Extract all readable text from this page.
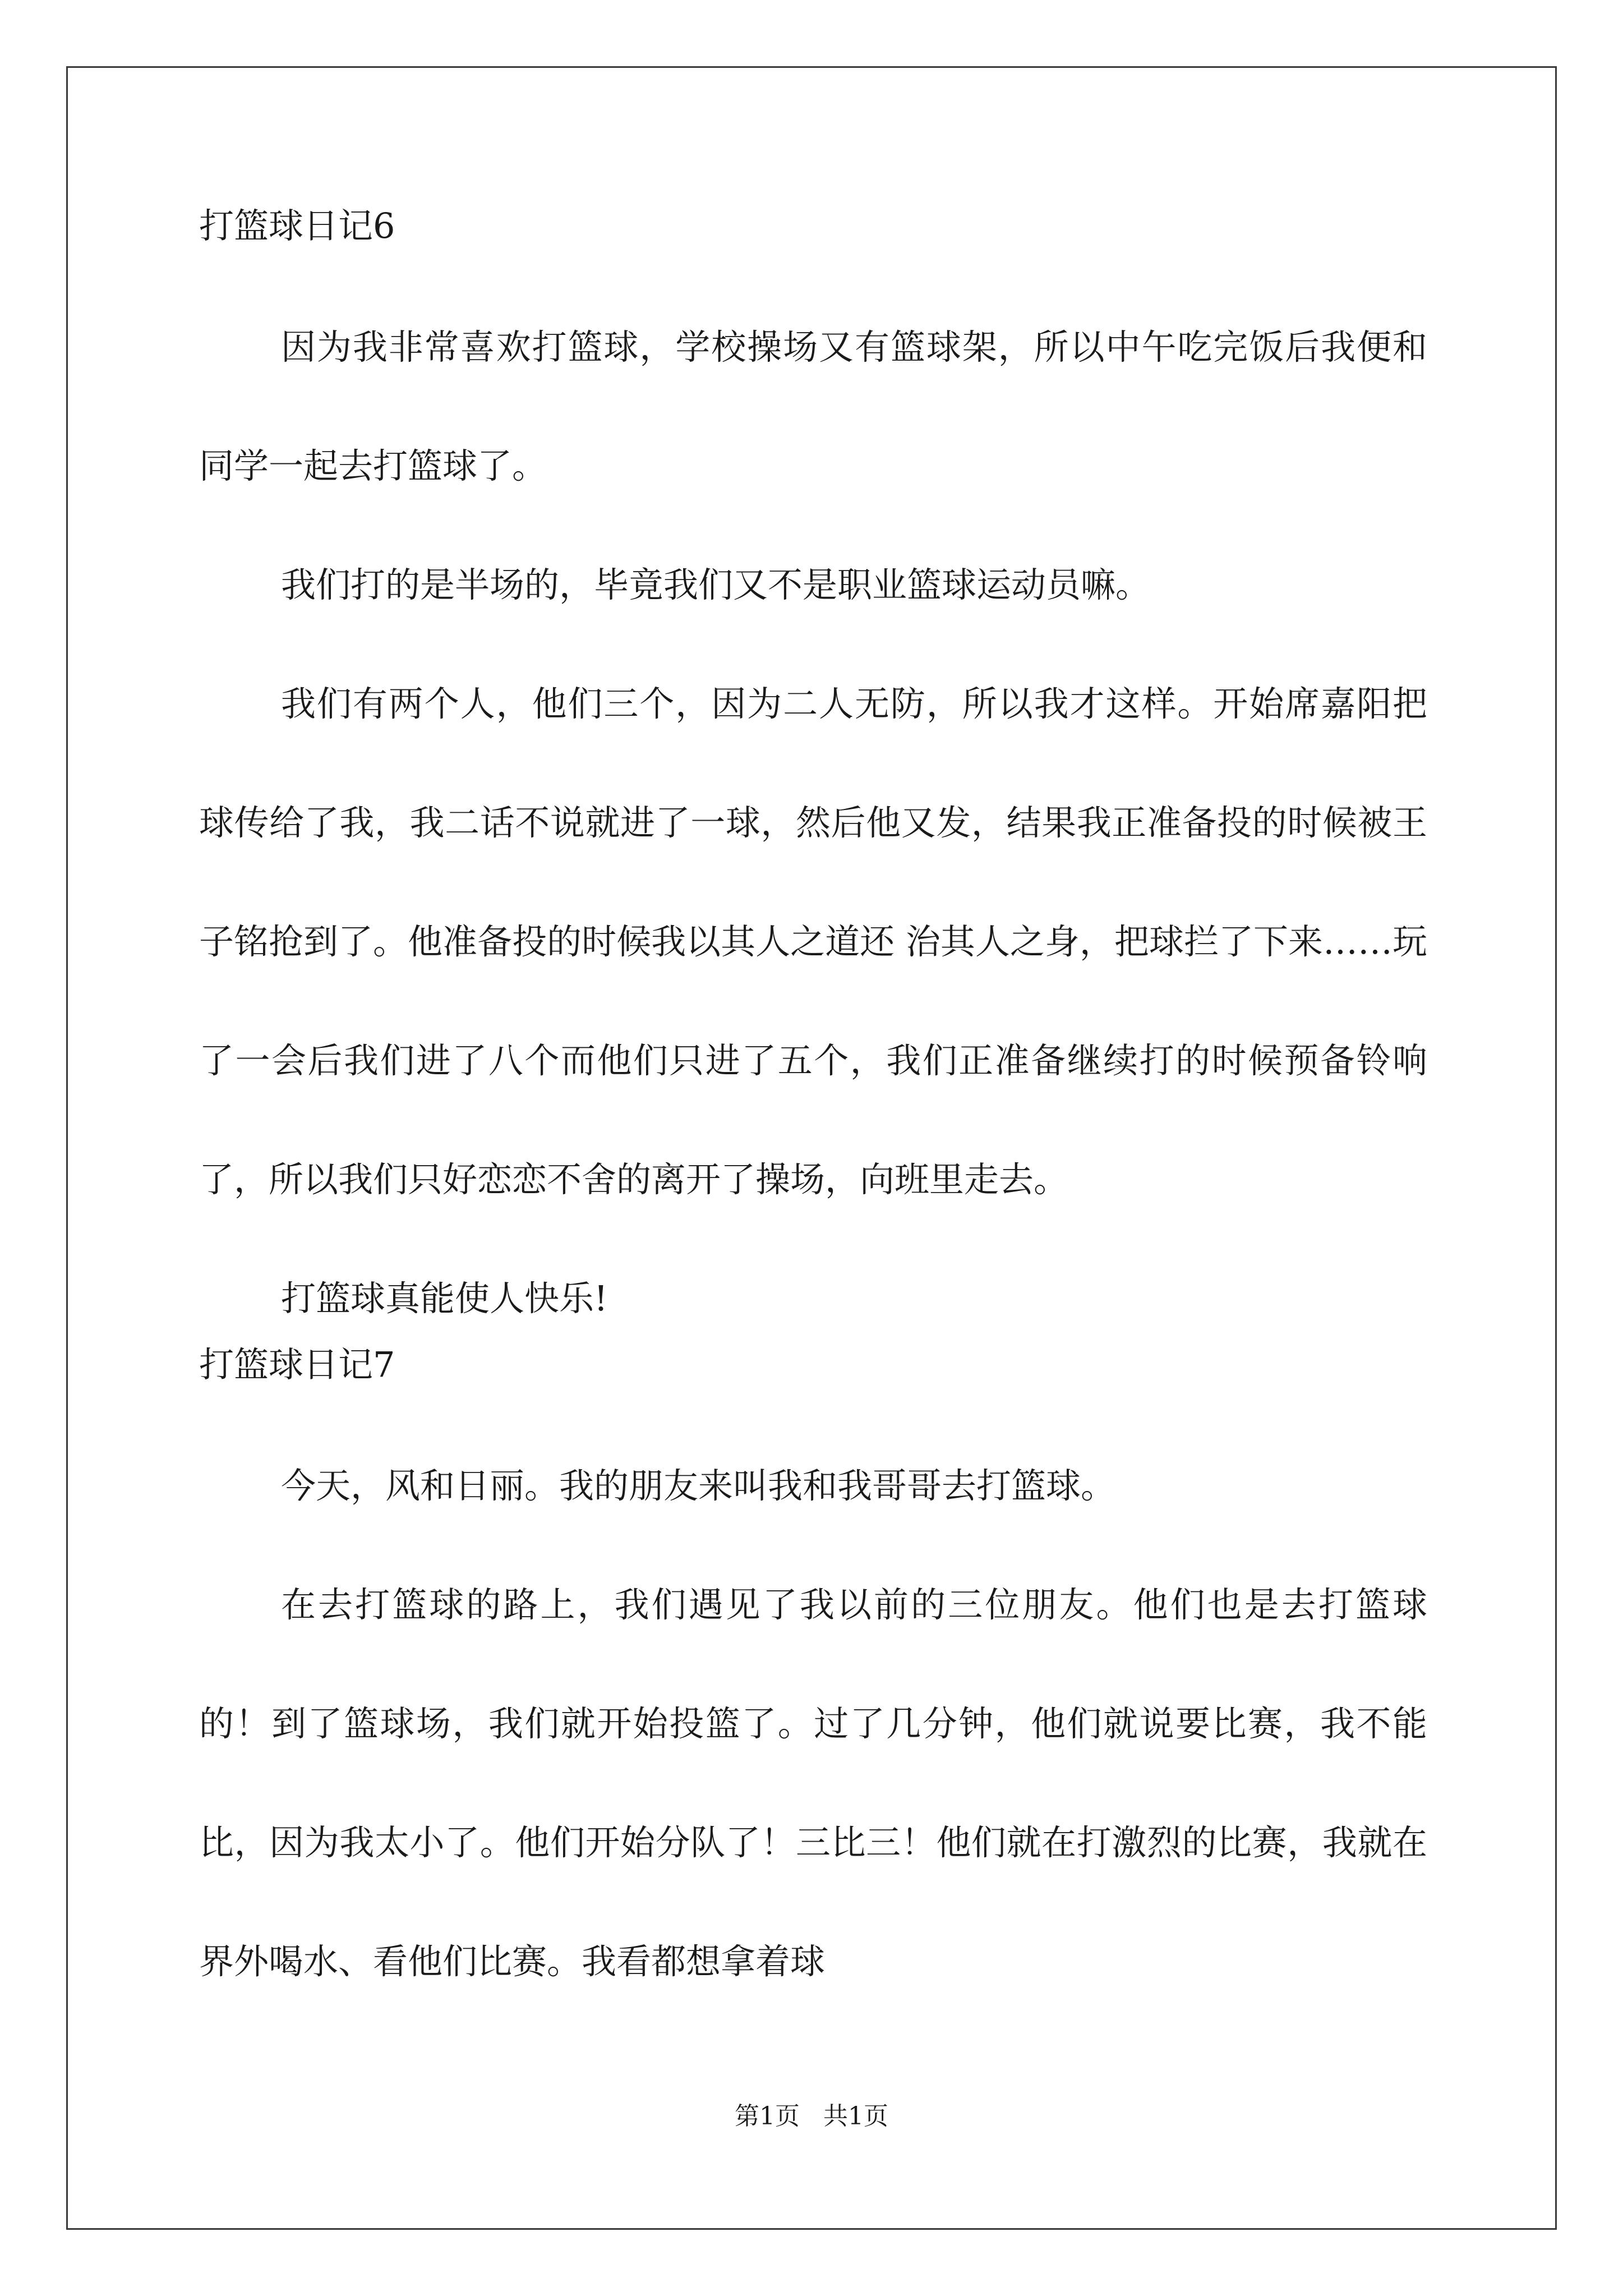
打篮球日记6

因为我非常喜欢打篮球，学校操场又有篮球架，所以中午吃完饭后我便和同学一起去打篮球了。

我们打的是半场的，毕竟我们又不是职业篮球运动员嘛。

我们有两个人，他们三个，因为二人无防，所以我才这样。开始席嘉阳把球传给了我，我二话不说就进了一球，然后他又发，结果我正准备投的时候被王子铭抢到了。他准备投的时候我以其人之道还 治其人之身，把球拦了下来……玩了一会后我们进了八个而他们只进了五个，我们正准备继续打的时候预备铃响了，所以我们只好恋恋不舍的离开了操场，向班里走去。

打篮球真能使人快乐!

打篮球日记7

今天，风和日丽。我的朋友来叫我和我哥哥去打篮球。

在去打篮球的路上，我们遇见了我以前的三位朋友。他们也是去打篮球的！到了篮球场，我们就开始投篮了。过了几分钟，他们就说要比赛，我不能比，因为我太小了。他们开始分队了！三比三！他们就在打激烈的比赛，我就在界外喝水、看他们比赛。我看都想拿着球

第1页   共1页
